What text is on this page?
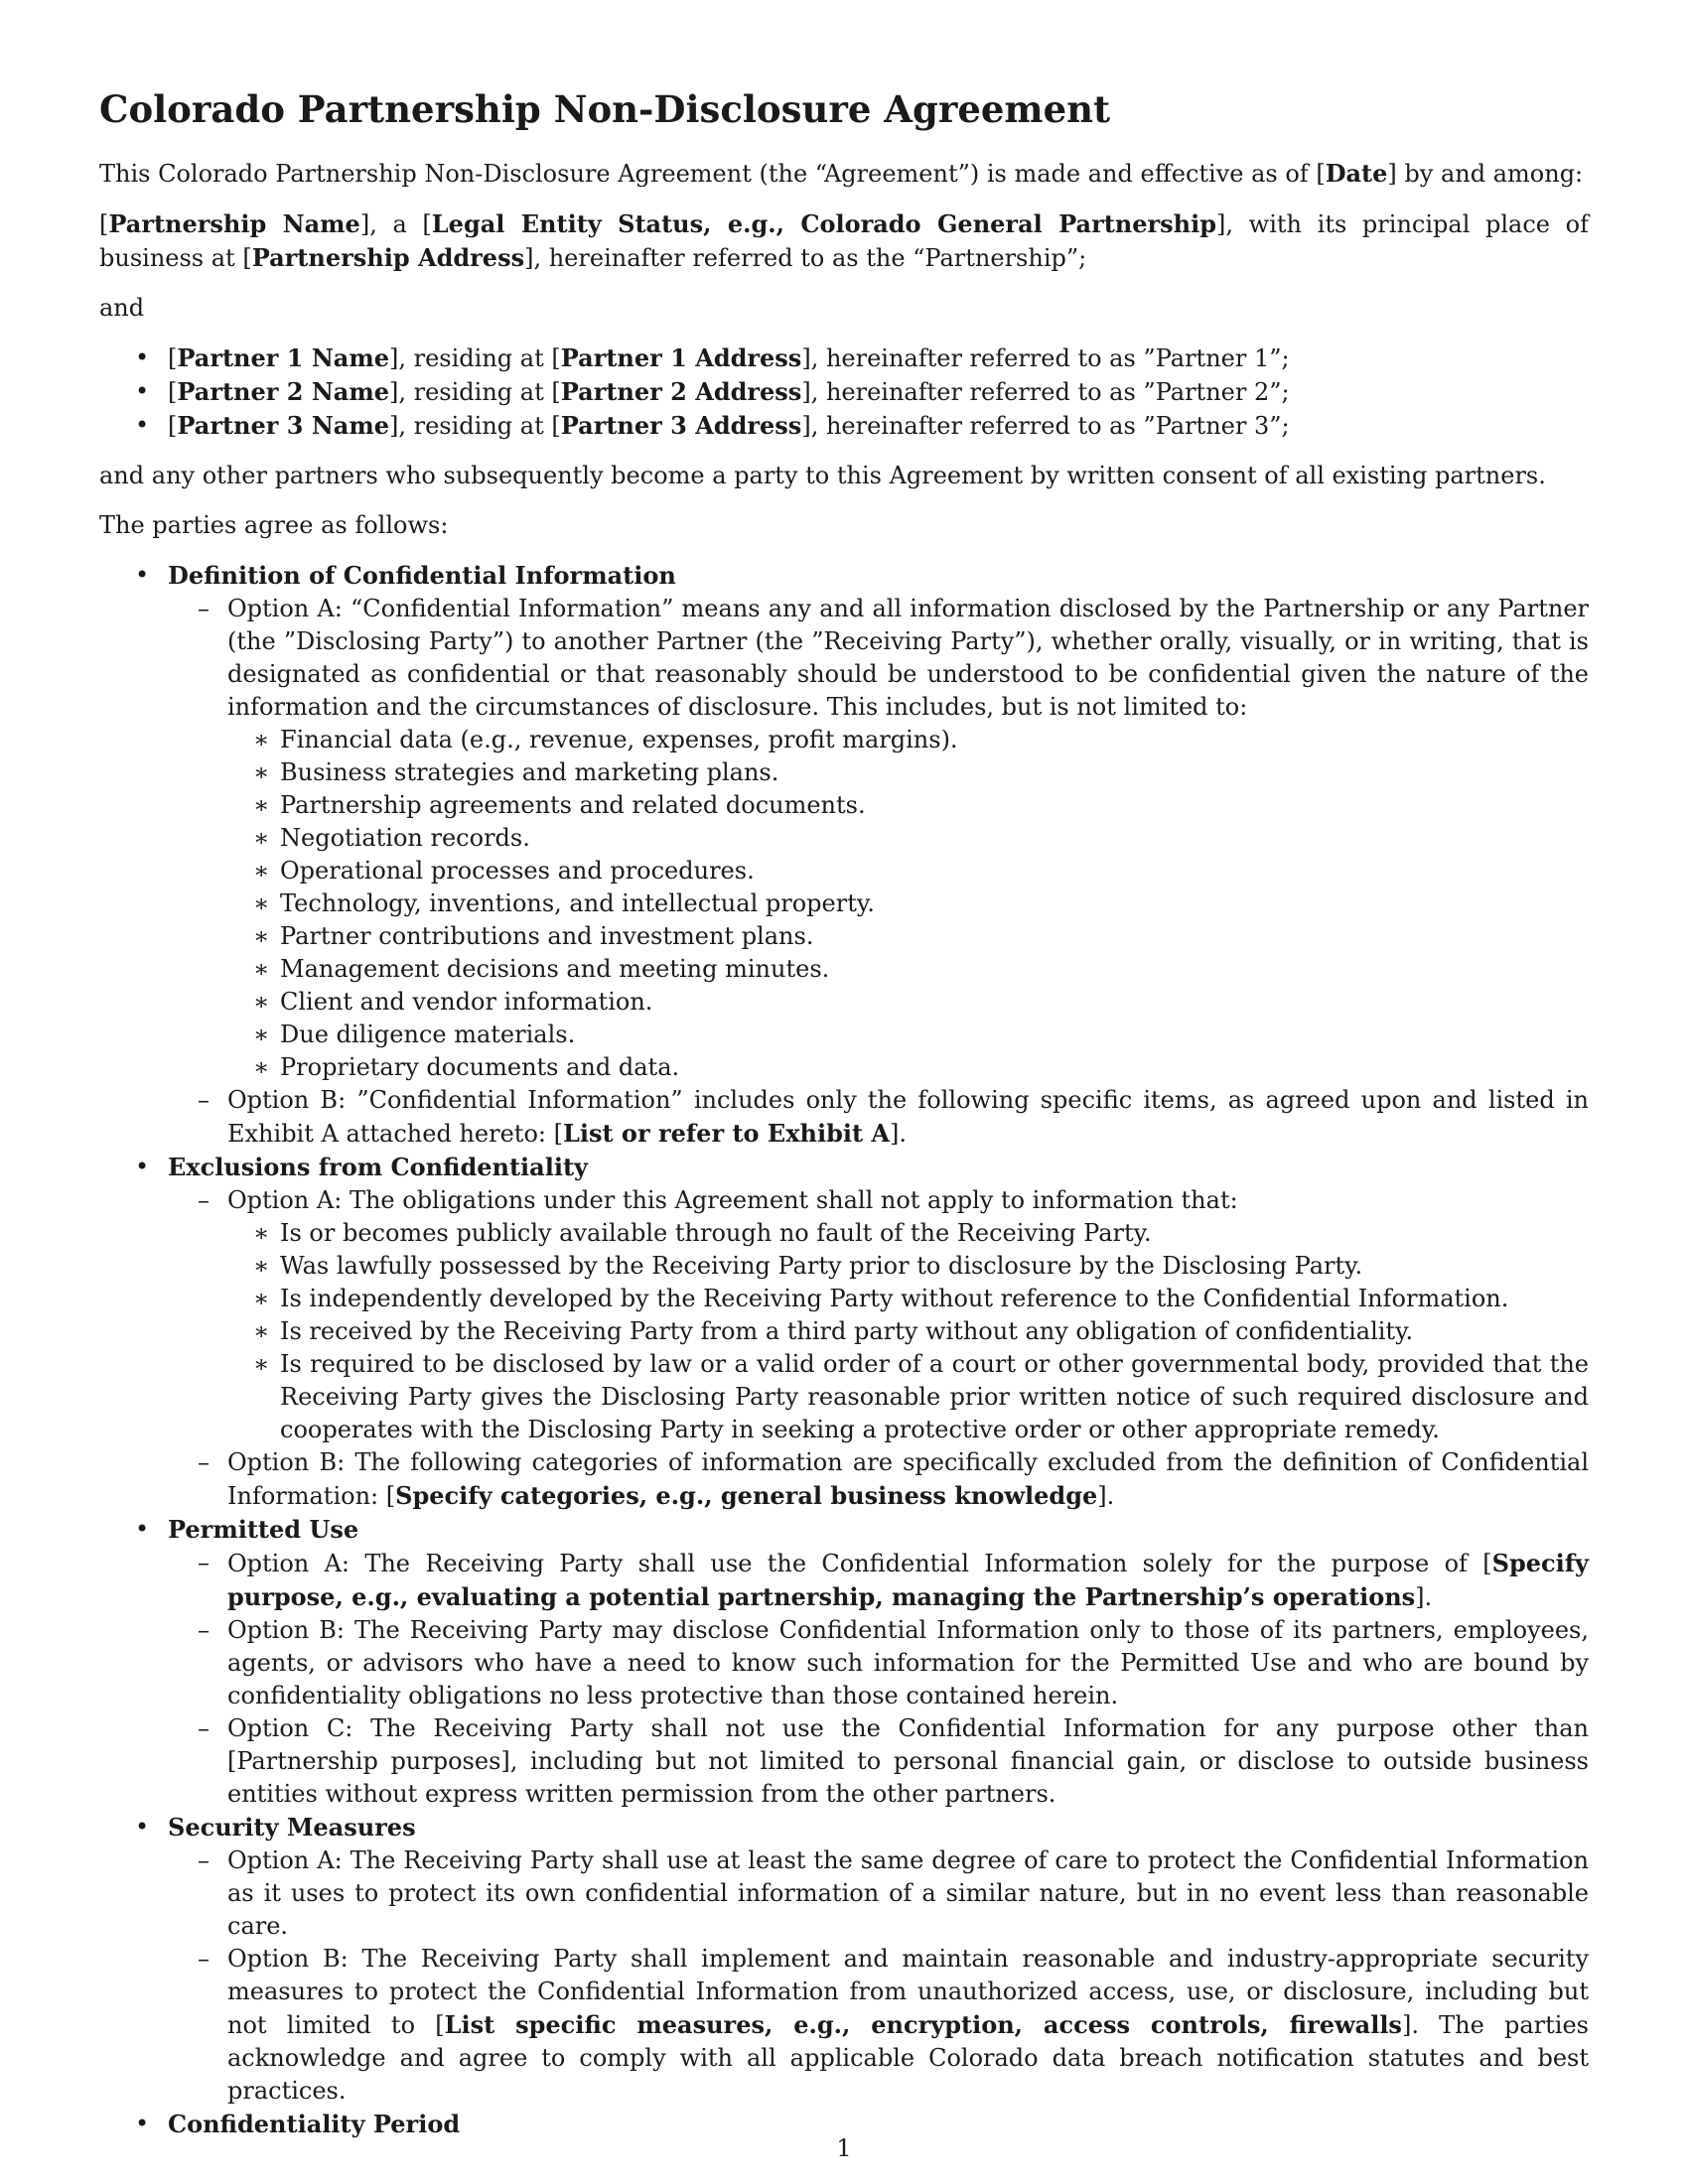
Colorado Partnership Non-Disclosure Agreement

This Colorado Partnership Non-Disclosure Agreement (the “Agreement”) is made and effective as of [Date] by and among:

[Partnership Name], a [Legal Entity Status, e.g., Colorado General Partnership], with its principal place of business at [Partnership Address], hereinafter referred to as the “Partnership”;

and

• [Partner 1 Name], residing at [Partner 1 Address], hereinafter referred to as ”Partner 1”;
• [Partner 2 Name], residing at [Partner 2 Address], hereinafter referred to as ”Partner 2”;
• [Partner 3 Name], residing at [Partner 3 Address], hereinafter referred to as ”Partner 3”;

and any other partners who subsequently become a party to this Agreement by written consent of all existing partners.

The parties agree as follows:

• Definition of Confidential Information
– Option A: “Confidential Information” means any and all information disclosed by the Partnership or any Partner (the ”Disclosing Party”) to another Partner (the ”Receiving Party”), whether orally, visually, or in writing, that is designated as confidential or that reasonably should be understood to be confidential given the nature of the information and the circumstances of disclosure. This includes, but is not limited to:
∗ Financial data (e.g., revenue, expenses, profit margins).
∗ Business strategies and marketing plans.
∗ Partnership agreements and related documents.
∗ Negotiation records.
∗ Operational processes and procedures.
∗ Technology, inventions, and intellectual property.
∗ Partner contributions and investment plans.
∗ Management decisions and meeting minutes.
∗ Client and vendor information.
∗ Due diligence materials.
∗ Proprietary documents and data.
– Option B: ”Confidential Information” includes only the following specific items, as agreed upon and listed in Exhibit A attached hereto: [List or refer to Exhibit A].
• Exclusions from Confidentiality
– Option A: The obligations under this Agreement shall not apply to information that:
∗ Is or becomes publicly available through no fault of the Receiving Party.
∗ Was lawfully possessed by the Receiving Party prior to disclosure by the Disclosing Party.
∗ Is independently developed by the Receiving Party without reference to the Confidential Information.
∗ Is received by the Receiving Party from a third party without any obligation of confidentiality.
∗ Is required to be disclosed by law or a valid order of a court or other governmental body, provided that the Receiving Party gives the Disclosing Party reasonable prior written notice of such required disclosure and cooperates with the Disclosing Party in seeking a protective order or other appropriate remedy.
– Option B: The following categories of information are specifically excluded from the definition of Confidential Information: [Specify categories, e.g., general business knowledge].
• Permitted Use
– Option A: The Receiving Party shall use the Confidential Information solely for the purpose of [Specify purpose, e.g., evaluating a potential partnership, managing the Partnership’s operations].
– Option B: The Receiving Party may disclose Confidential Information only to those of its partners, employees, agents, or advisors who have a need to know such information for the Permitted Use and who are bound by confidentiality obligations no less protective than those contained herein.
– Option C: The Receiving Party shall not use the Confidential Information for any purpose other than [Partnership purposes], including but not limited to personal financial gain, or disclose to outside business entities without express written permission from the other partners.
• Security Measures
– Option A: The Receiving Party shall use at least the same degree of care to protect the Confidential Information as it uses to protect its own confidential information of a similar nature, but in no event less than reasonable care.
– Option B: The Receiving Party shall implement and maintain reasonable and industry-appropriate security measures to protect the Confidential Information from unauthorized access, use, or disclosure, including but not limited to [List specific measures, e.g., encryption, access controls, firewalls]. The parties acknowledge and agree to comply with all applicable Colorado data breach notification statutes and best practices.
• Confidentiality Period
1
